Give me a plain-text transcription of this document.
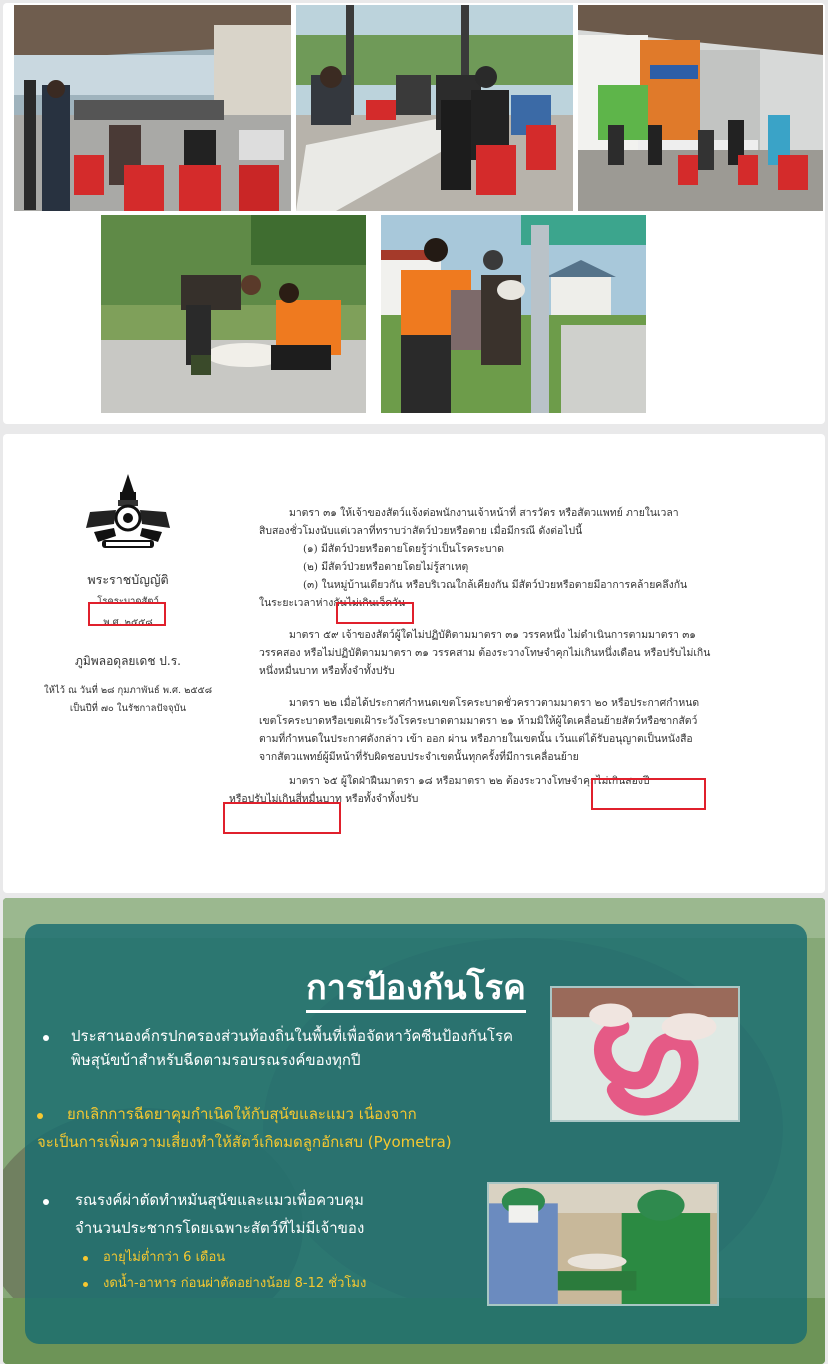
พระราชบัญญัติ
โรคระบาดสัตว์
พ.ศ. ๒๕๕๘
ภูมิพลอดุลยเดช ป.ร.
ให้ไว้ ณ วันที่ ๒๘ กุมภาพันธ์ พ.ศ. ๒๕๕๘
เป็นปีที่ ๗๐ ในรัชกาลปัจจุบัน

มาตรา ๓๑ ให้เจ้าของสัตว์แจ้งต่อพนักงานเจ้าหน้าที่ สารวัตร หรือสัตวแพทย์ ภายในเวลา

สิบสองชั่วโมงนับแต่เวลาที่ทราบว่าสัตว์ป่วยหรือตาย เมื่อมีกรณี ดังต่อไปนี้

(๑) มีสัตว์ป่วยหรือตายโดยรู้ว่าเป็นโรคระบาด

(๒) มีสัตว์ป่วยหรือตายโดยไม่รู้สาเหตุ

(๓) ในหมู่บ้านเดียวกัน หรือบริเวณใกล้เคียงกัน มีสัตว์ป่วยหรือตายมีอาการคล้ายคลึงกัน

ในระยะเวลาห่างกันไม่เกินเจ็ดวัน

มาตรา ๕๙ เจ้าของสัตว์ผู้ใดไม่ปฏิบัติตามมาตรา ๓๑ วรรคหนึ่ง ไม่ดำเนินการตามมาตรา ๓๑

วรรคสอง หรือไม่ปฏิบัติตามมาตรา ๓๑ วรรคสาม ต้องระวางโทษจำคุกไม่เกินหนึ่งเดือน หรือปรับไม่เกิน

หนึ่งหมื่นบาท หรือทั้งจำทั้งปรับ

มาตรา ๒๒ เมื่อได้ประกาศกำหนดเขตโรคระบาดชั่วคราวตามมาตรา ๒๐ หรือประกาศกำหนด

เขตโรคระบาดหรือเขตเฝ้าระวังโรคระบาดตามมาตรา ๒๑ ห้ามมิให้ผู้ใดเคลื่อนย้ายสัตว์หรือซากสัตว์

ตามที่กำหนดในประกาศดังกล่าว เข้า ออก ผ่าน หรือภายในเขตนั้น เว้นแต่ได้รับอนุญาตเป็นหนังสือ

จากสัตวแพทย์ผู้มีหน้าที่รับผิดชอบประจำเขตนั้นทุกครั้งที่มีการเคลื่อนย้าย

มาตรา ๖๕ ผู้ใดฝ่าฝืนมาตรา ๑๘ หรือมาตรา ๒๒ ต้องระวางโทษจำคุกไม่เกินสองปี

หรือปรับไม่เกินสี่หมื่นบาท หรือทั้งจำทั้งปรับ

การป้องกันโรค
ประสานองค์กรปกครองส่วนท้องถิ่นในพื้นที่เพื่อจัดหาวัคซีนป้องกันโรค
พิษสุนัขบ้าสำหรับฉีดตามรอบรณรงค์ของทุกปี
ยกเลิกการฉีดยาคุมกำเนิดให้กับสุนัขและแมว เนื่องจาก
จะเป็นการเพิ่มความเสี่ยงทำให้สัตว์เกิดมดลูกอักเสบ (Pyometra)
รณรงค์ผ่าตัดทำหมันสุนัขและแมวเพื่อควบคุม
จำนวนประชากรโดยเฉพาะสัตว์ที่ไม่มีเจ้าของ
อายุไม่ต่ำกว่า 6 เดือน
งดน้ำ-อาหาร ก่อนผ่าตัดอย่างน้อย 8-12 ชั่วโมง
